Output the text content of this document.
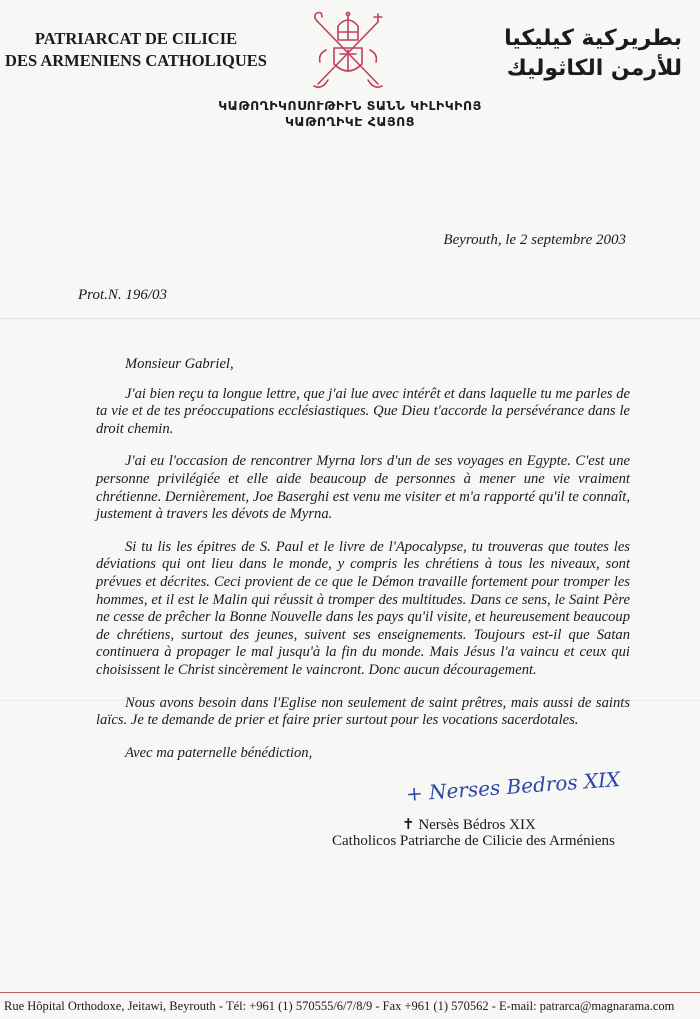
PATRIARCAT DE CILICIE
DES ARMENIENS CATHOLIQUES
بطريركية كيليكيا
للأرمن الكاثوليك
ԿԱԹՈՂԻԿՈՍՈՒԹԻՒՆ ՏԱՆՆ ԿԻԼԻԿԻՈՅ
ԿԱԹՈՂԻԿԷ ՀԱՅՈՑ
Beyrouth, le 2 septembre 2003
Prot.N. 196/03
Monsieur Gabriel,

J'ai bien reçu ta longue lettre, que j'ai lue avec intérêt et dans laquelle tu me parles de ta vie et de tes préoccupations ecclésiastiques. Que Dieu t'accorde la persévérance dans le droit chemin.

J'ai eu l'occasion de rencontrer Myrna lors d'un de ses voyages en Egypte. C'est une personne privilégiée et elle aide beaucoup de personnes à mener une vie vraiment chrétienne. Dernièrement, Joe Baserghi est venu me visiter et m'a rapporté qu'il te connaît, justement à travers les dévots de Myrna.

Si tu lis les épitres de S. Paul et le livre de l'Apocalypse, tu trouveras que toutes les déviations qui ont lieu dans le monde, y compris les chrétiens à tous les niveaux, sont prévues et décrites. Ceci provient de ce que le Démon travaille fortement pour tromper les hommes, et il est le Malin qui réussit à tromper des multitudes. Dans ce sens, le Saint Père ne cesse de prêcher la Bonne Nouvelle dans les pays qu'il visite, et heureusement beaucoup de chrétiens, surtout des jeunes, suivent ses enseignements. Toujours est-il que Satan continuera à propager le mal jusqu'à la fin du monde. Mais Jésus l'a vaincu et ceux qui choisissent le Christ sincèrement le vaincront. Donc aucun découragement.

Nous avons besoin dans l'Eglise non seulement de saint prêtres, mais aussi de saints laïcs. Je te demande de prier et faire prier surtout pour les vocations sacerdotales.

Avec ma paternelle bénédiction,
+ Nerses Bedros XIX
✝ Nersès Bédros XIX
Catholicos Patriarche de Cilicie des Arméniens
Rue Hôpital Orthodoxe, Jeitawi, Beyrouth - Tél: +961 (1) 570555/6/7/8/9 - Fax +961 (1) 570562 - E-mail: patrarca@magnarama.com
